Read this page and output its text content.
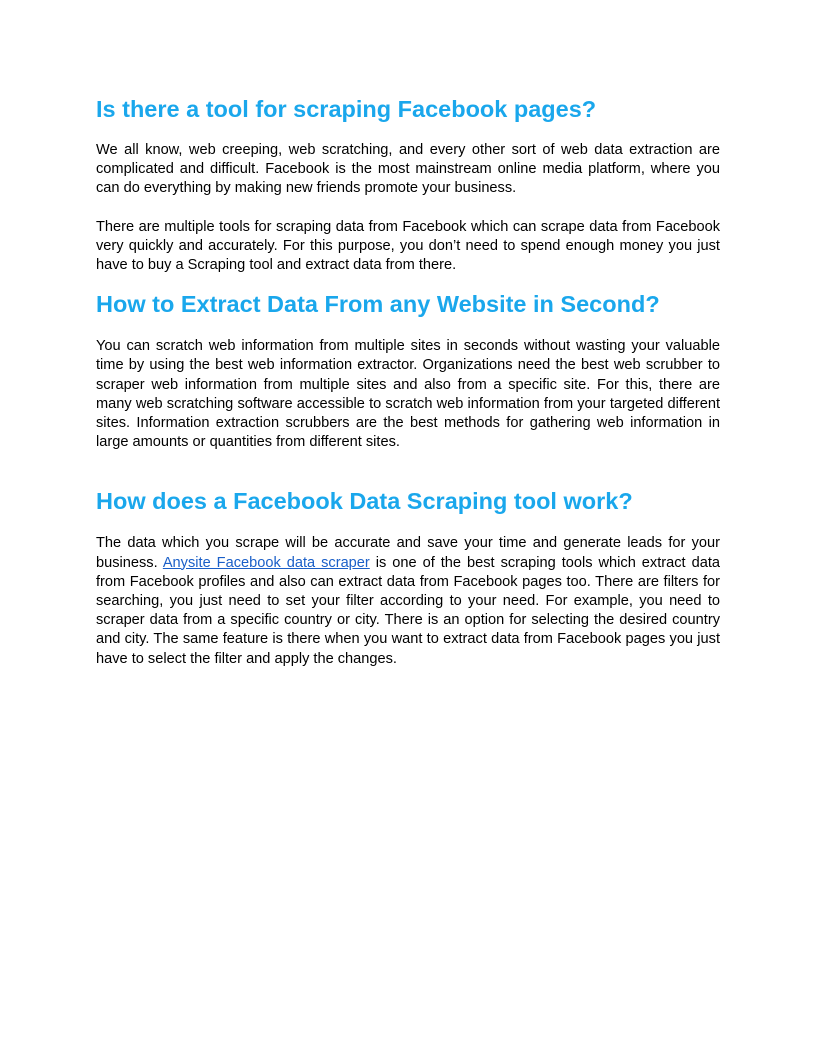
Is there a tool for scraping Facebook pages?

We all know, web creeping, web scratching, and every other sort of web data extraction are complicated and difficult. Facebook is the most mainstream online media platform, where you can do everything by making new friends promote your business.

There are multiple tools for scraping data from Facebook which can scrape data from Facebook very quickly and accurately. For this purpose, you don’t need to spend enough money you just have to buy a Scraping tool and extract data from there.

How to Extract Data From any Website in Second?

You can scratch web information from multiple sites in seconds without wasting your valuable time by using the best web information extractor. Organizations need the best web scrubber to scraper web information from multiple sites and also from a specific site. For this, there are many web scratching software accessible to scratch web information from your targeted different sites. Information extraction scrubbers are the best methods for gathering web information in large amounts or quantities from different sites.

How does a Facebook Data Scraping tool work?

The data which you scrape will be accurate and save your time and generate leads for your business. Anysite Facebook data scraper is one of the best scraping tools which extract data from Facebook profiles and also can extract data from Facebook pages too. There are filters for searching, you just need to set your filter according to your need. For example, you need to scraper data from a specific country or city. There is an option for selecting the desired country and city. The same feature is there when you want to extract data from Facebook pages you just have to select the filter and apply the changes.
